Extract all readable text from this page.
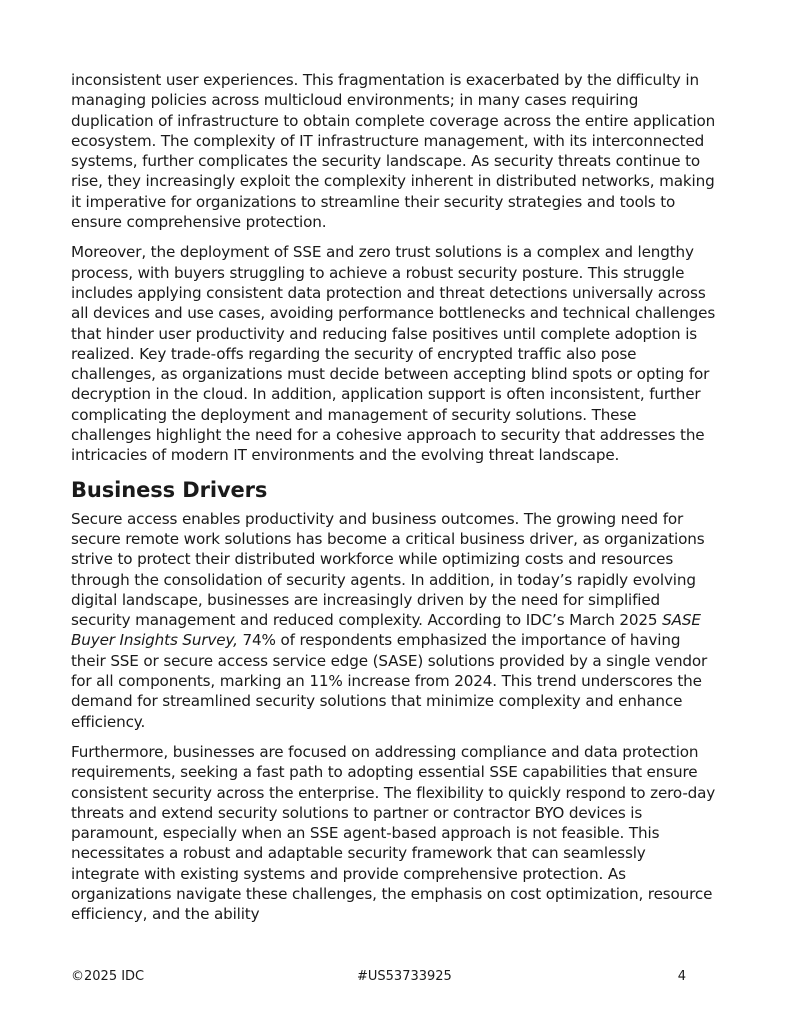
inconsistent user experiences. This fragmentation is exacerbated by the difficulty in managing policies across multicloud environments; in many cases requiring duplication of infrastructure to obtain complete coverage across the entire application ecosystem. The complexity of IT infrastructure management, with its interconnected systems, further complicates the security landscape. As security threats continue to rise, they increasingly exploit the complexity inherent in distributed networks, making it imperative for organizations to streamline their security strategies and tools to ensure comprehensive protection.

Moreover, the deployment of SSE and zero trust solutions is a complex and lengthy process, with buyers struggling to achieve a robust security posture. This struggle includes applying consistent data protection and threat detections universally across all devices and use cases, avoiding performance bottlenecks and technical challenges that hinder user productivity and reducing false positives until complete adoption is realized. Key trade-offs regarding the security of encrypted traffic also pose challenges, as organizations must decide between accepting blind spots or opting for decryption in the cloud. In addition, application support is often inconsistent, further complicating the deployment and management of security solutions. These challenges highlight the need for a cohesive approach to security that addresses the intricacies of modern IT environments and the evolving threat landscape.

Business Drivers

Secure access enables productivity and business outcomes. The growing need for secure remote work solutions has become a critical business driver, as organizations strive to protect their distributed workforce while optimizing costs and resources through the consolidation of security agents. In addition, in today’s rapidly evolving digital landscape, businesses are increasingly driven by the need for simplified security management and reduced complexity. According to IDC’s March 2025 SASE Buyer Insights Survey, 74% of respondents emphasized the importance of having their SSE or secure access service edge (SASE) solutions provided by a single vendor for all components, marking an 11% increase from 2024. This trend underscores the demand for streamlined security solutions that minimize complexity and enhance efficiency.

Furthermore, businesses are focused on addressing compliance and data protection requirements, seeking a fast path to adopting essential SSE capabilities that ensure consistent security across the enterprise. The flexibility to quickly respond to zero-day threats and extend security solutions to partner or contractor BYO devices is paramount, especially when an SSE agent-based approach is not feasible. This necessitates a robust and adaptable security framework that can seamlessly integrate with existing systems and provide comprehensive protection. As organizations navigate these challenges, the emphasis on cost optimization, resource efficiency, and the ability

©2025 IDC	#US53733925	4
